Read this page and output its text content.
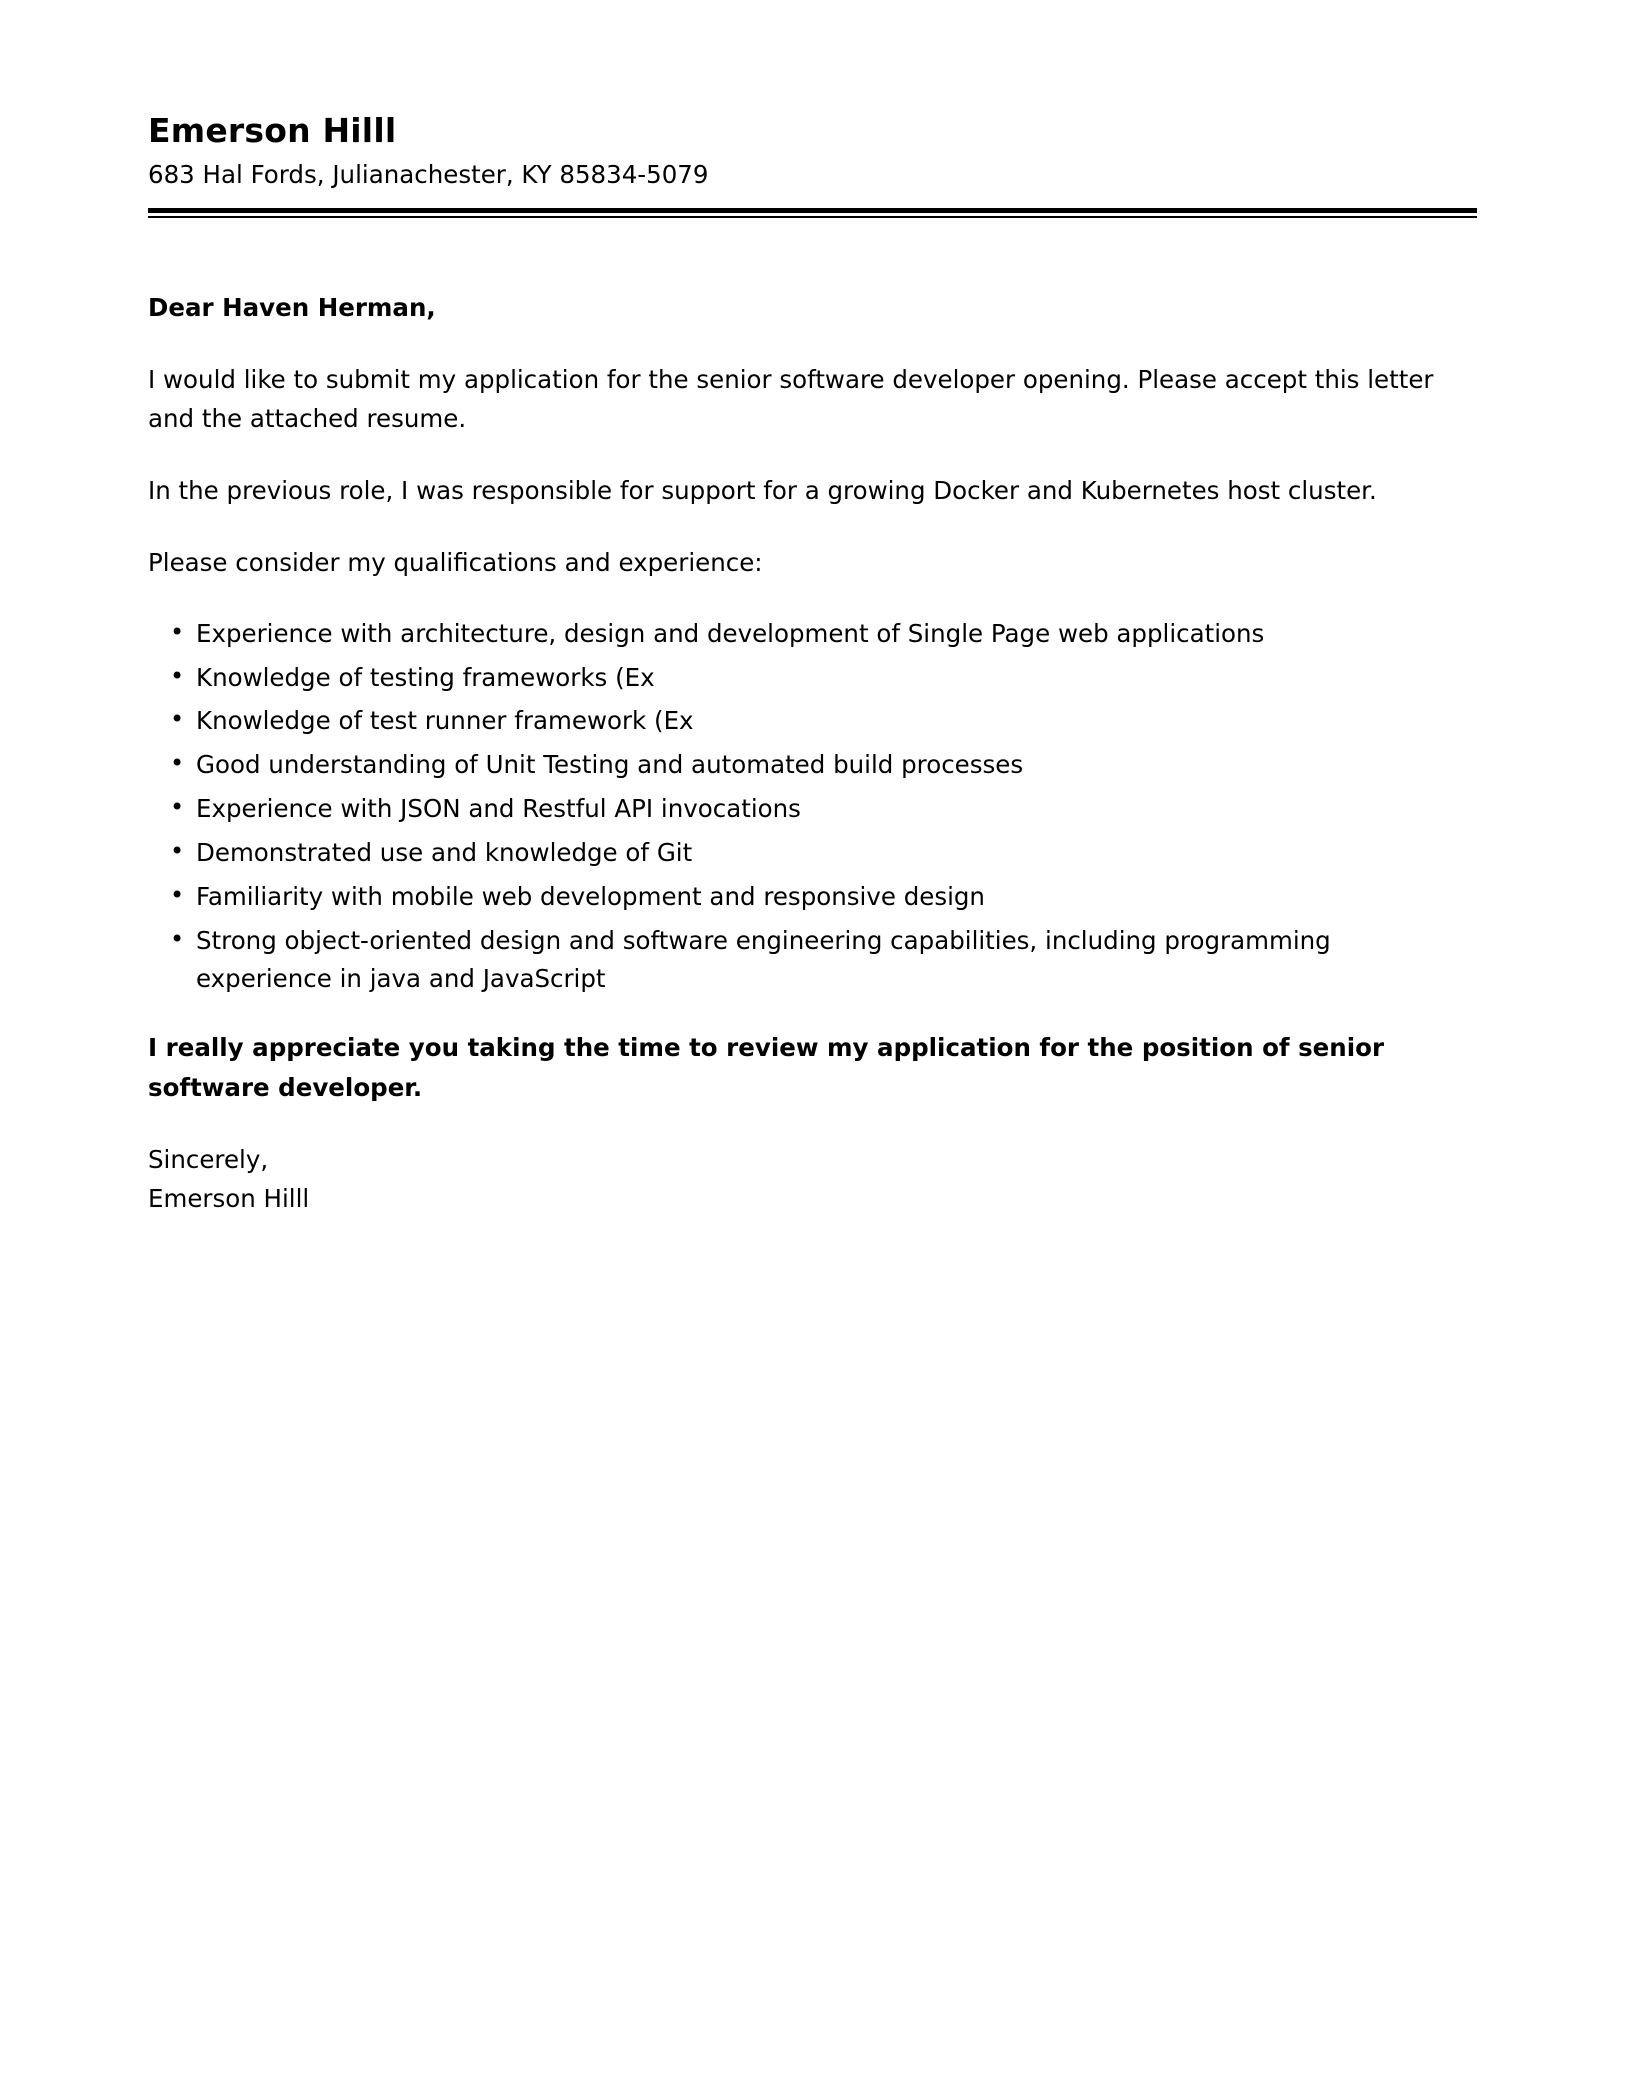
Emerson Hilll

683 Hal Fords, Julianachester, KY 85834-5079

Dear Haven Herman,

I would like to submit my application for the senior software developer opening. Please accept this letter and the attached resume.

In the previous role, I was responsible for support for a growing Docker and Kubernetes host cluster.

Please consider my qualifications and experience:

• Experience with architecture, design and development of Single Page web applications
• Knowledge of testing frameworks (Ex
• Knowledge of test runner framework (Ex
• Good understanding of Unit Testing and automated build processes
• Experience with JSON and Restful API invocations
• Demonstrated use and knowledge of Git
• Familiarity with mobile web development and responsive design
• Strong object-oriented design and software engineering capabilities, including programming experience in java and JavaScript

I really appreciate you taking the time to review my application for the position of senior software developer.

Sincerely,

Emerson Hilll
